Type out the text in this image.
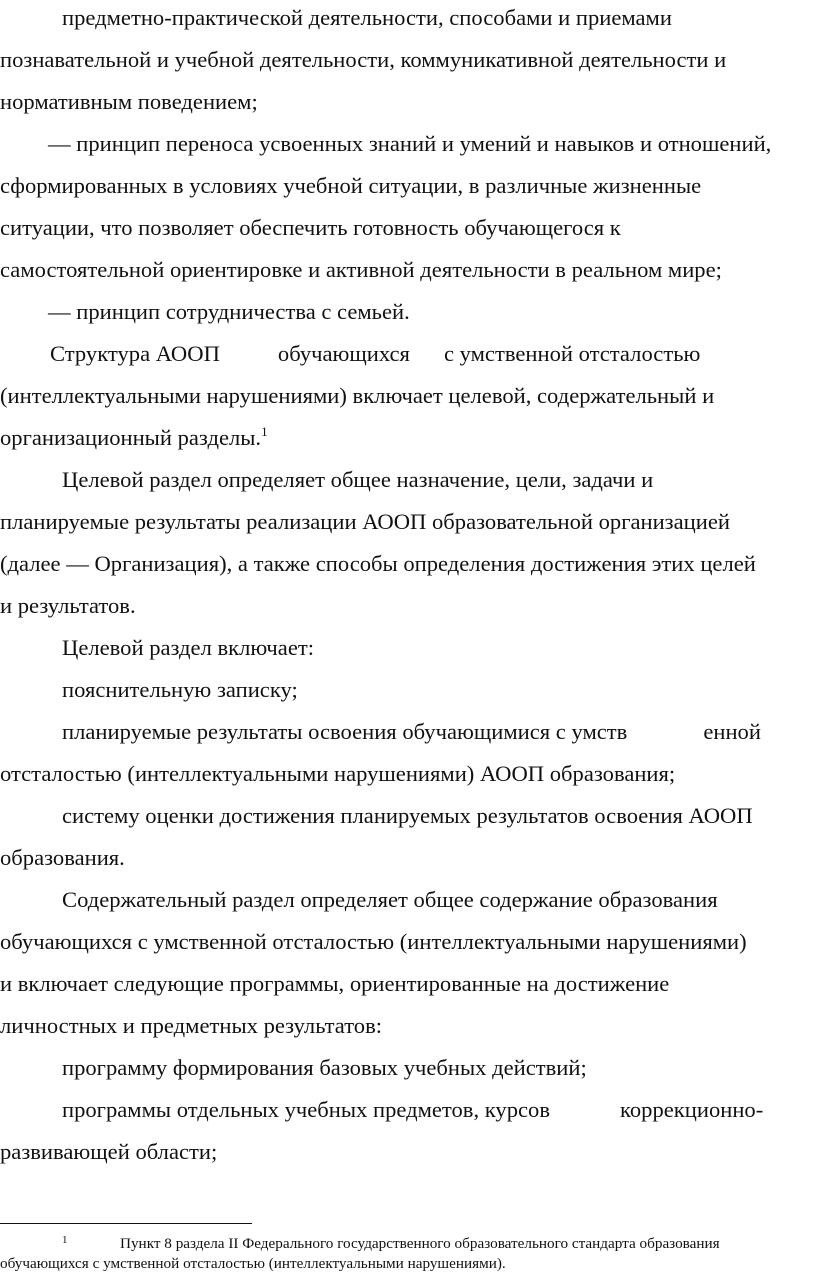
предметно-практической деятельности, способами и приемами
познавательной и учебной деятельности, коммуникативной деятельности и
нормативным поведением;
— принцип переноса усвоенных знаний и умений и навыков и отношений,
сформированных в условиях учебной ситуации, в различные жизненные
ситуации, что позволяет обеспечить готовность обучающегося к
самостоятельной ориентировке и активной деятельности в реальном мире;
— принцип сотрудничества с семьей.
Структура АООП	обучающихся с умственной отсталостью
(интеллектуальными нарушениями) включает целевой, содержательный и
организационный разделы.$^1$
Целевой раздел определяет общее назначение, цели, задачи и
планируемые результаты реализации АООП образовательной организацией
(далее — Организация), а также способы определения достижения этих целей
и результатов.
Целевой раздел включает:
пояснительную записку;
планируемые результаты освоения обучающимися с умств	енной
отсталостью (интеллектуальными нарушениями) АООП образования;
систему оценки достижения планируемых результатов освоения АООП
образования.
Содержательный раздел определяет общее содержание образования
обучающихся с умственной отсталостью (интеллектуальными нарушениями)
и включает следующие программы, ориентированные на достижение
личностных и предметных результатов:
программу формирования базовых учебных действий;
программы отдельных учебных предметов, курсов	коррекционно-
развивающей области;
1	Пункт 8 раздела II Федерального государственного образовательного стандарта образования
обучающихся с умственной отсталостью (интеллектуальными нарушениями).
